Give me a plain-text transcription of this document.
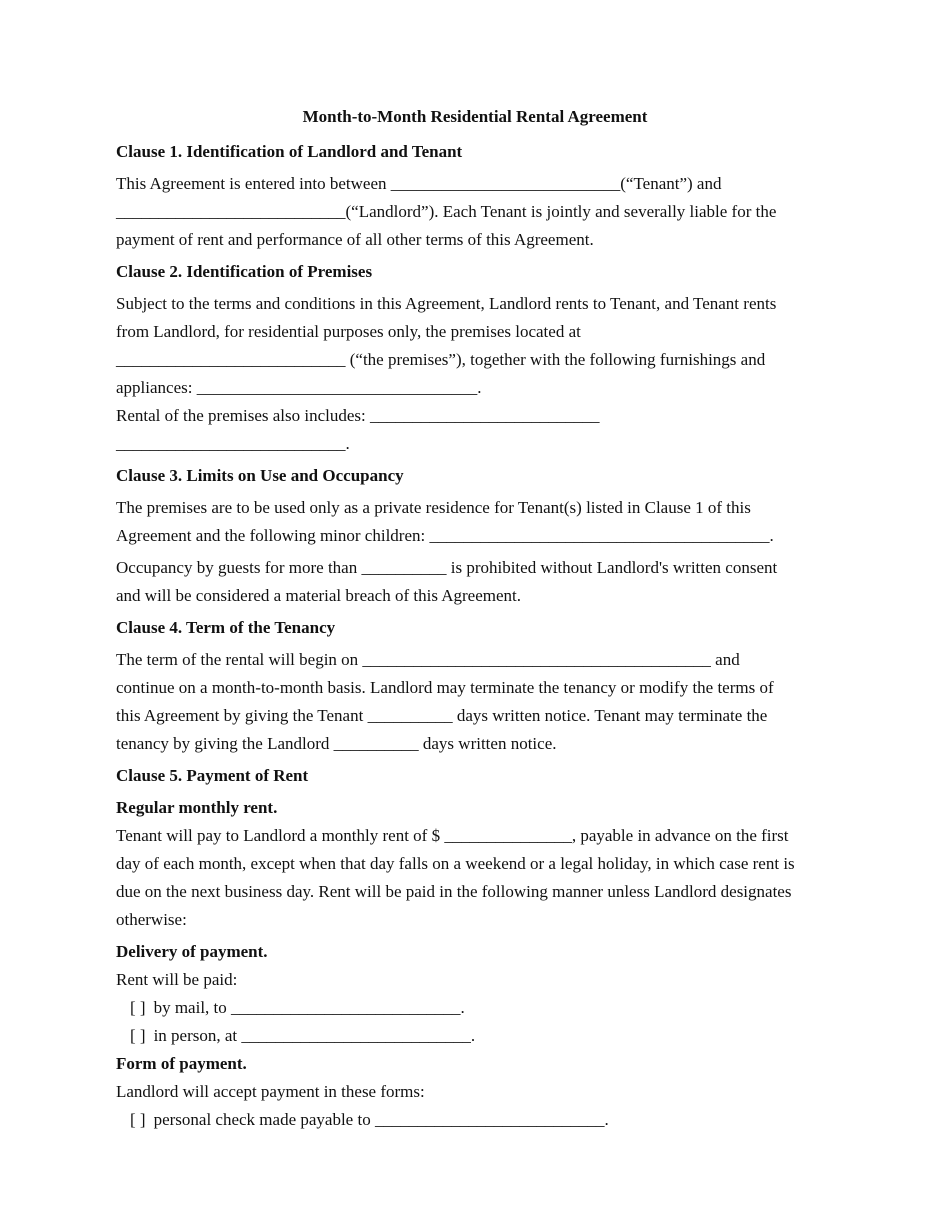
Month-to-Month Residential Rental Agreement
Clause 1. Identification of Landlord and Tenant
This Agreement is entered into between ___________________________(“Tenant”) and
___________________________(“Landlord”). Each Tenant is jointly and severally liable for the
payment of rent and performance of all other terms of this Agreement.
Clause 2. Identification of Premises
Subject to the terms and conditions in this Agreement, Landlord rents to Tenant, and Tenant rents
from Landlord, for residential purposes only, the premises located at
___________________________ (“the premises”), together with the following furnishings and
appliances: _________________________________.
Rental of the premises also includes: ___________________________
___________________________.
Clause 3. Limits on Use and Occupancy
The premises are to be used only as a private residence for Tenant(s) listed in Clause 1 of this
Agreement and the following minor children: ________________________________________.
Occupancy by guests for more than __________ is prohibited without Landlord's written consent
and will be considered a material breach of this Agreement.
Clause 4. Term of the Tenancy
The term of the rental will begin on _________________________________________ and
continue on a month-to-month basis. Landlord may terminate the tenancy or modify the terms of
this Agreement by giving the Tenant __________ days written notice. Tenant may terminate the
tenancy by giving the Landlord __________ days written notice.
Clause 5. Payment of Rent
Regular monthly rent.
Tenant will pay to Landlord a monthly rent of $ _______________, payable in advance on the first
day of each month, except when that day falls on a weekend or a legal holiday, in which case rent is
due on the next business day. Rent will be paid in the following manner unless Landlord designates
otherwise:
Delivery of payment.
Rent will be paid:
[ ] by mail, to ___________________________.
[ ] in person, at ___________________________.
Form of payment.
Landlord will accept payment in these forms:
[ ] personal check made payable to ___________________________.
